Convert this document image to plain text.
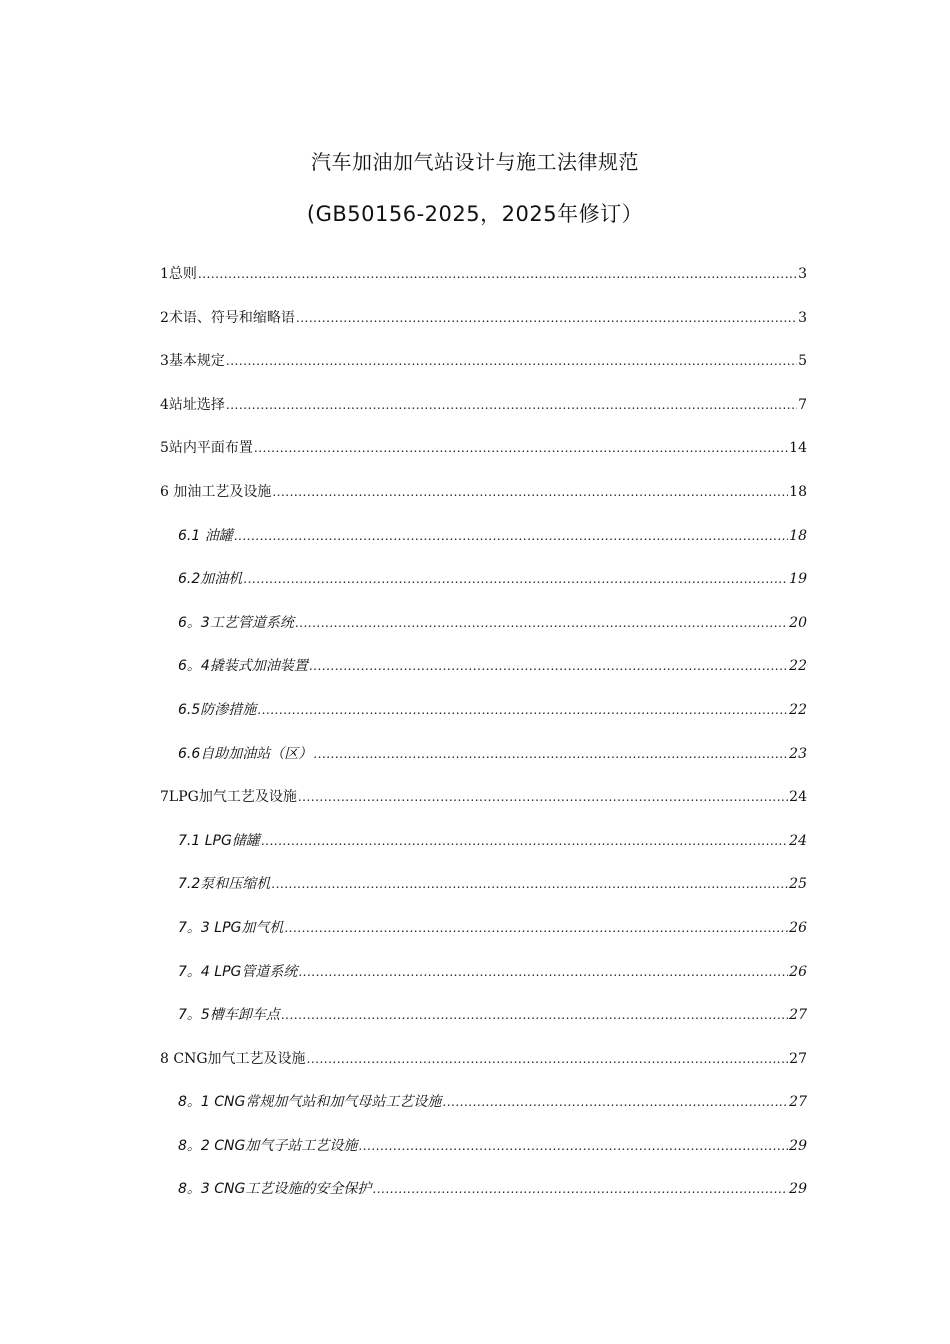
汽车加油加气站设计与施工法律规范
(GB50156-2025，2025年修订）
1总则 .....	3
2术语、符号和缩略语 .....	3
3基本规定 .....	5
4站址选择 .....	7
5站内平面布置 .....	14
6 加油工艺及设施 .....	18
6.1 油罐 .....	18
6.2加油机 .....	19
6。3工艺管道系统 .....	20
6。4撬装式加油装置 .....	22
6.5防渗措施 .....	22
6.6自助加油站（区） .....	23
7LPG加气工艺及设施 .....	24
7.1 LPG储罐 .....	24
7.2泵和压缩机 .....	25
7。3 LPG加气机 .....	26
7。4 LPG管道系统 .....	26
7。5槽车卸车点 .....	27
8 CNG加气工艺及设施 .....	27
8。1 CNG常规加气站和加气母站工艺设施 .....	27
8。2 CNG加气子站工艺设施 .....	29
8。3 CNG工艺设施的安全保护 .....	29
